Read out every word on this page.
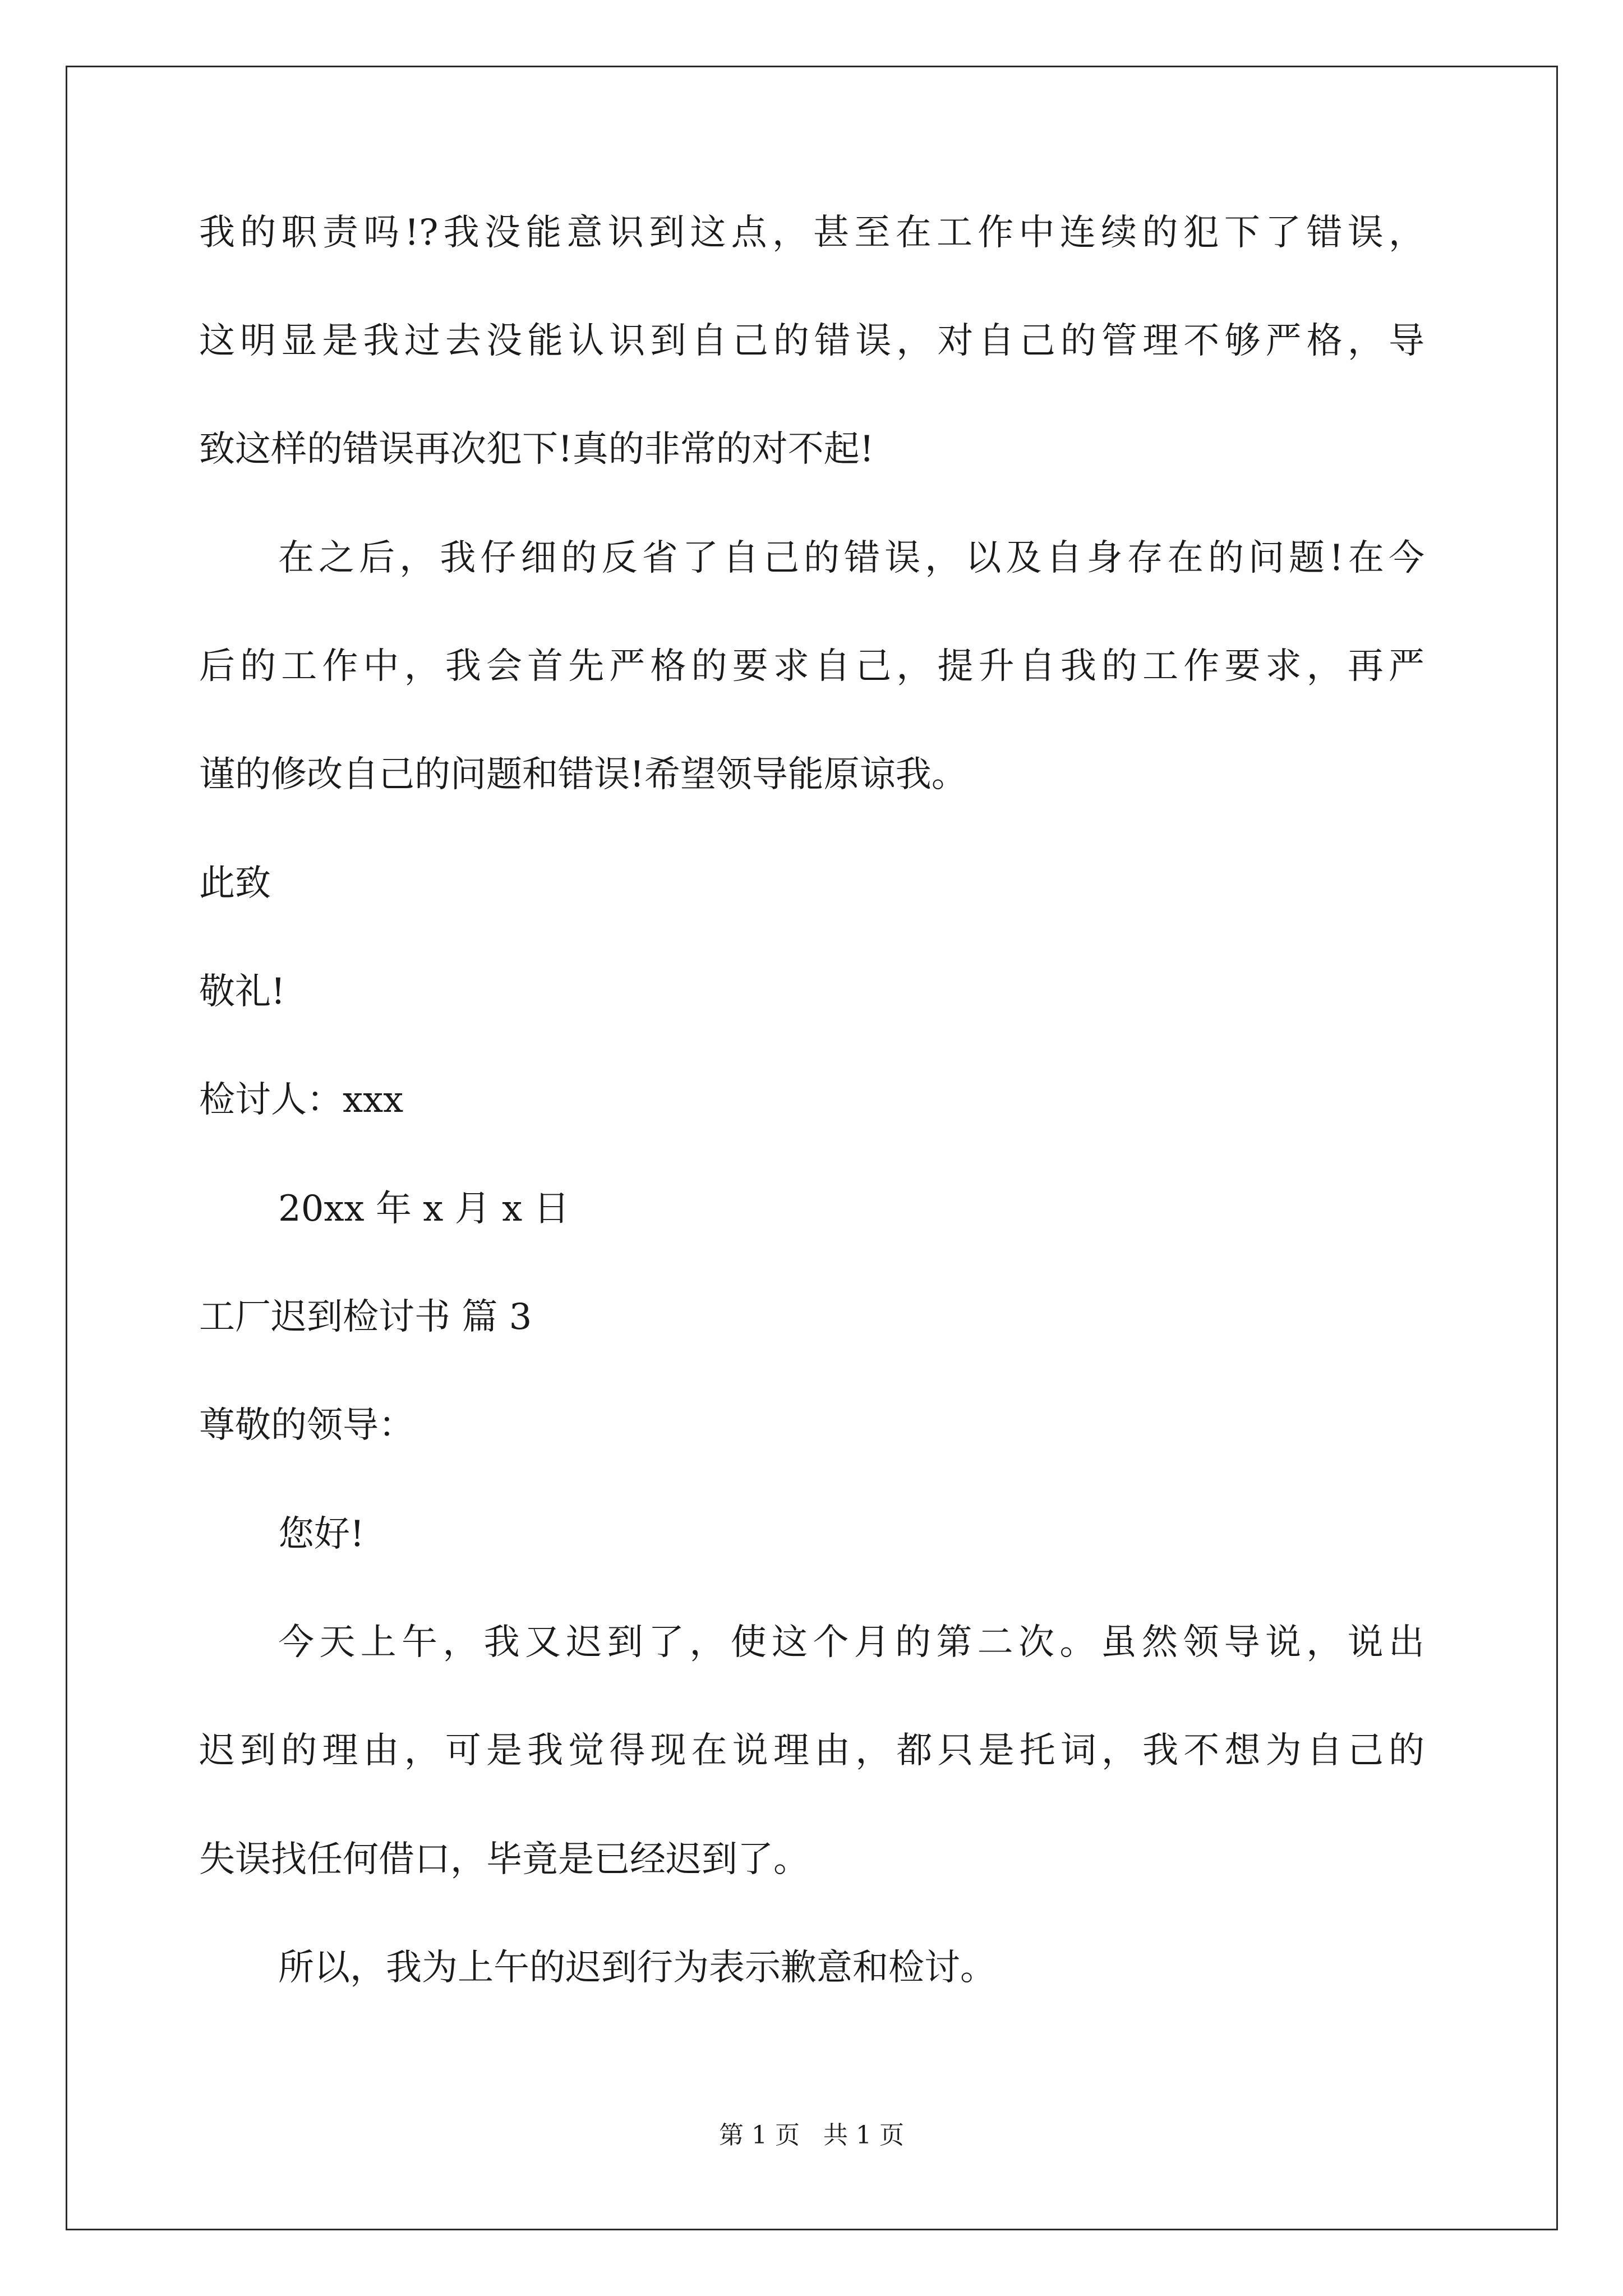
我的职责吗!?我没能意识到这点，甚至在工作中连续的犯下了错误，
这明显是我过去没能认识到自己的错误，对自己的管理不够严格，导
致这样的错误再次犯下!真的非常的对不起!
在之后，我仔细的反省了自己的错误，以及自身存在的问题!在今
后的工作中，我会首先严格的要求自己，提升自我的工作要求，再严
谨的修改自己的问题和错误!希望领导能原谅我。
此致
敬礼!
检讨人：xxx
20xx 年 x 月 x 日
工厂迟到检讨书 篇 3
尊敬的领导：
您好!
今天上午，我又迟到了，使这个月的第二次。虽然领导说，说出
迟到的理由，可是我觉得现在说理由，都只是托词，我不想为自己的
失误找任何借口，毕竟是已经迟到了。
所以，我为上午的迟到行为表示歉意和检讨。
第 1 页   共 1 页
